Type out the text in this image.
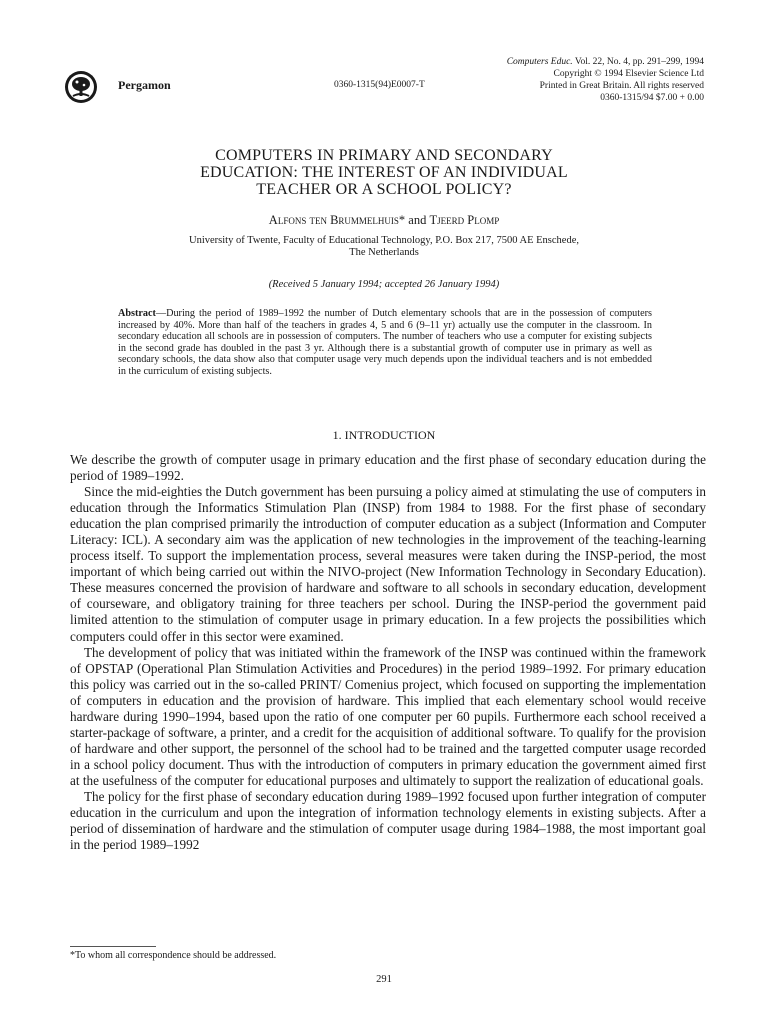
Pergamon	0360-1315(94)E0007-T
Computers Educ. Vol. 22, No. 4, pp. 291–299, 1994
Copyright © 1994 Elsevier Science Ltd
Printed in Great Britain. All rights reserved
0360-1315/94 $7.00 + 0.00
COMPUTERS IN PRIMARY AND SECONDARY
EDUCATION: THE INTEREST OF AN INDIVIDUAL
TEACHER OR A SCHOOL POLICY?
Alfons ten Brummelhuis* and Tjeerd Plomp
University of Twente, Faculty of Educational Technology, P.O. Box 217, 7500 AE Enschede,
The Netherlands
(Received 5 January 1994; accepted 26 January 1994)
Abstract—During the period of 1989–1992 the number of Dutch elementary schools that are in the possession of computers increased by 40%. More than half of the teachers in grades 4, 5 and 6 (9–11 yr) actually use the computer in the classroom. In secondary education all schools are in possession of computers. The number of teachers who use a computer for existing subjects in the second grade has doubled in the past 3 yr. Although there is a substantial growth of computer use in primary as well as secondary schools, the data show also that computer usage very much depends upon the individual teachers and is not embedded in the curriculum of existing subjects.
1. INTRODUCTION

We describe the growth of computer usage in primary education and the first phase of secondary education during the period of 1989–1992.

Since the mid-eighties the Dutch government has been pursuing a policy aimed at stimulating the use of computers in education through the Informatics Stimulation Plan (INSP) from 1984 to 1988. For the first phase of secondary education the plan comprised primarily the introduction of computer education as a subject (Information and Computer Literacy: ICL). A secondary aim was the application of new technologies in the improvement of the teaching-learning process itself. To support the implementation process, several measures were taken during the INSP-period, the most important of which being carried out within the NIVO-project (New Information Technology in Secondary Education). These measures concerned the provision of hardware and software to all schools in secondary education, development of courseware, and obligatory training for three teachers per school. During the INSP-period the government paid limited attention to the stimulation of computer usage in primary education. In a few projects the possibilities which computers could offer in this sector were examined.

The development of policy that was initiated within the framework of the INSP was continued within the framework of OPSTAP (Operational Plan Stimulation Activities and Procedures) in the period 1989–1992. For primary education this policy was carried out in the so-called PRINT/ Comenius project, which focused on supporting the implementation of computers in education and the provision of hardware. This implied that each elementary school would receive hardware during 1990–1994, based upon the ratio of one computer per 60 pupils. Furthermore each school received a starter-package of software, a printer, and a credit for the acquisition of additional software. To qualify for the provision of hardware and other support, the personnel of the school had to be trained and the targetted computer usage recorded in a school policy document. Thus with the introduction of computers in primary education the government aimed first at the usefulness of the computer for educational purposes and ultimately to support the realization of educational goals.

The policy for the first phase of secondary education during 1989–1992 focused upon further integration of computer education in the curriculum and upon the integration of information technology elements in existing subjects. After a period of dissemination of hardware and the stimulation of computer usage during 1984–1988, the most important goal in the period 1989–1992

*To whom all correspondence should be addressed.
291
